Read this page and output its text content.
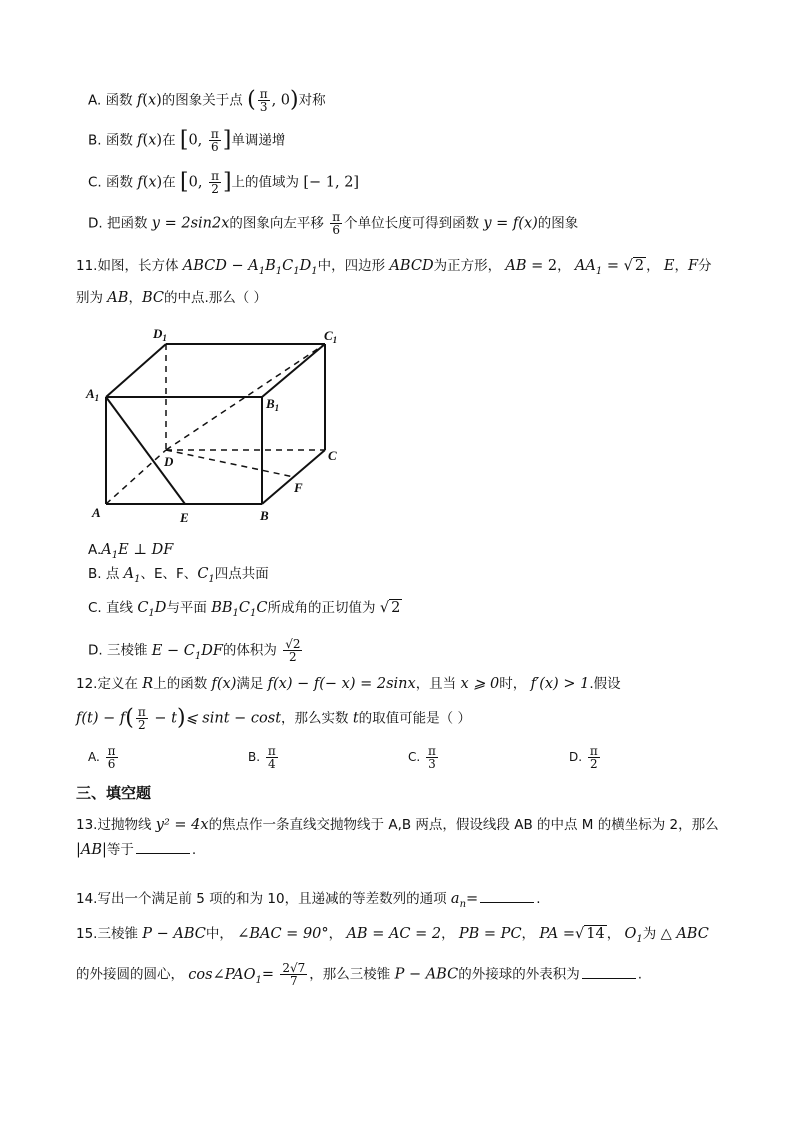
A. 函数 f(x)的图象关于点 ( $\frac{\pi}{3}$ , 0)对称
B. 函数 f(x)在 [0, $\frac{\pi}{6}$ ]单调递增
C. 函数 f(x)在 [0, $\frac{\pi}{2}$ ]上的值域为 [− 1, 2]
D. 把函数 y = 2sin2x的图象向左平移 $\frac{\pi}{6}$ 个单位长度可得到函数 y = f(x)的图象
11.如图，长方体 ABCD − $A_1B_1C_1D_1$中，四边形 ABCD为正方形， AB = 2， $AA_1$ = √ 2 ， E，F分
别为 AB，BC的中点.那么（ ）
$D_1$	$C_1$
$A_1$	$B_1$
D	C
F
A	E	B
$A.A_1E$ ⊥ DF
B. 点 $A_1$、E、F、$C_1$四点共面
C. 直线 $C_1D$与平面 $BB_1C_1C$所成角的正切值为 √ 2
D. 三棱锥 $E - C_1DF$的体积为 $\frac{√2}{2}$
12.定义在 R上的函数 f(x)满足 f(x) − f(− x) = 2sinx，且当 x ⩾ 0时， f′(x) > 1.假设
$f(t) - f( \frac{\pi}{2}$ − t)⩽ sint − cost，那么实数 t的取值可能是（ ）
A. $\frac{\pi}{6}$	B. $\frac{\pi}{4}$	C. $\frac{\pi}{3}$	D. $\frac{\pi}{2}$
三、填空题
13.过抛物线 y² = 4x的焦点作一条直线交抛物线于 A,B 两点，假设线段 AB 的中点 M 的横坐标为 2，那么
|AB|等于	.
14.写出一个满足前 5 项的和为 10，且递减的等差数列的通项 $a_n=$	.
15.三棱锥 P − ABC中， ∠BAC = 90°， AB = AC = 2， PB = PC， PA =√ 14 ， $O_1$为 △ ABC
的外接圆的圆心， $\cos\angle PAO_1= \frac{2√7}{7}$ ，那么三棱锥 P − ABC的外接球的外表积为	.
